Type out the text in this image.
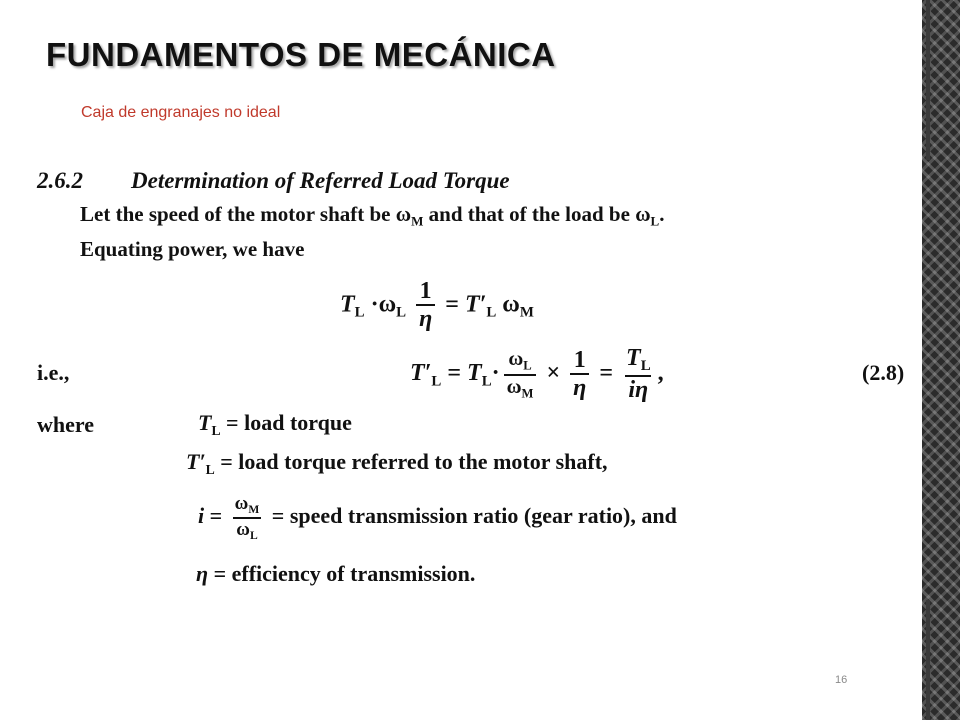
FUNDAMENTOS DE MECÁNICA
Caja de engranajes no ideal
2.6.2 Determination of Referred Load Torque
Let the speed of the motor shaft be $\omega_M$ and that of the load be $\omega_L$.
Equating power, we have
$T_L \cdot\omega_L \frac{1}{\eta} = T'_L$ $\omega_M$
i.e.,	$T'_L = T_L\cdot \frac{\omega_L}{\omega_M} \times \frac{1}{\eta} = \frac{T_L}{i\eta}$ ,	(2.8)
where	$T_L$ = load torque
$T'_L$ = load torque referred to the motor shaft,
$i = \frac{\omega_M}{\omega_L}$ = speed transmission ratio (gear ratio), and
η = efficiency of transmission.
16
